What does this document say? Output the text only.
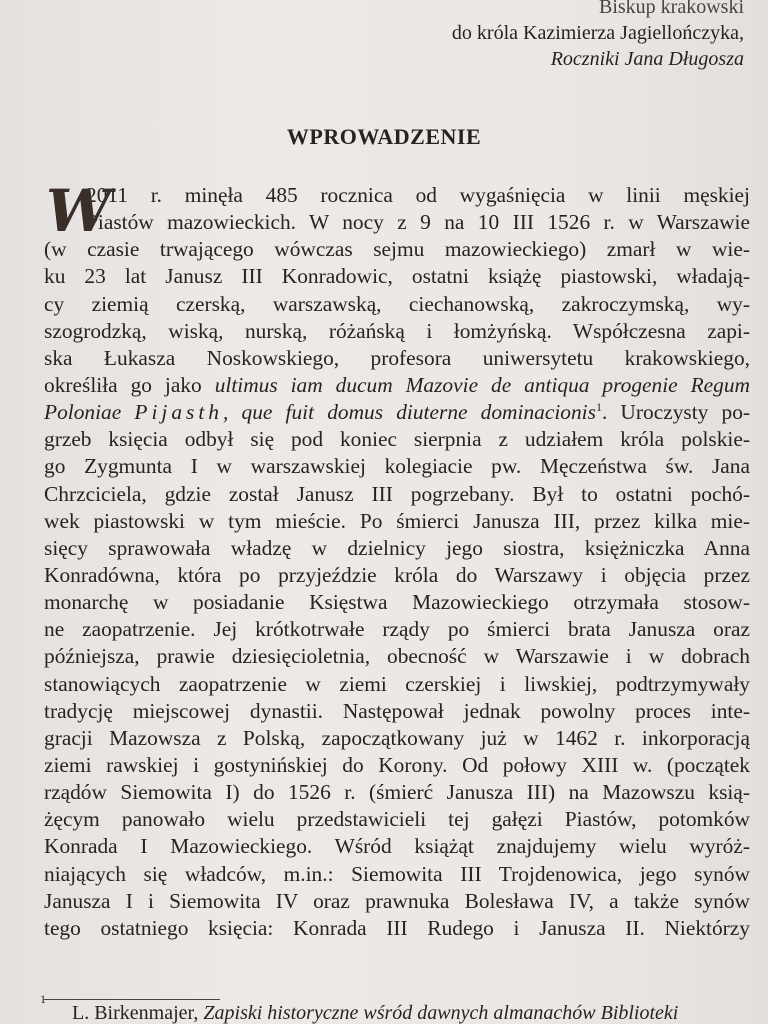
Biskup krakowski
do króla Kazimierza Jagiellończyka,
Roczniki Jana Długosza
WPROWADZENIE
W
2011 r. minęła 485 rocznica od wygaśnięcia w linii męskiej
Piastów mazowieckich. W nocy z 9 na 10 III 1526 r. w Warszawie
(w czasie trwającego wówczas sejmu mazowieckiego) zmarł w wie-
ku 23 lat Janusz III Konradowic, ostatni książę piastowski, władają-
cy ziemią czerską, warszawską, ciechanowską, zakroczymską, wy-
szogrodzką, wiską, nurską, różańską i łomżyńską. Współczesna zapi-
ska Łukasza Noskowskiego, profesora uniwersytetu krakowskiego,
określiła go jako ultimus iam ducum Mazovie de antiqua progenie Regum
Poloniae Pijasth, que fuit domus diuterne dominacionis$^1$. Uroczysty po-
grzeb księcia odbył się pod koniec sierpnia z udziałem króla polskie-
go Zygmunta I w warszawskiej kolegiacie pw. Męczeństwa św. Jana
Chrzciciela, gdzie został Janusz III pogrzebany. Był to ostatni pochó-
wek piastowski w tym mieście. Po śmierci Janusza III, przez kilka mie-
sięcy sprawowała władzę w dzielnicy jego siostra, księżniczka Anna
Konradówna, która po przyjeździe króla do Warszawy i objęcia przez
monarchę w posiadanie Księstwa Mazowieckiego otrzymała stosow-
ne zaopatrzenie. Jej krótkotrwałe rządy po śmierci brata Janusza oraz
późniejsza, prawie dziesięcioletnia, obecność w Warszawie i w dobrach
stanowiących zaopatrzenie w ziemi czerskiej i liwskiej, podtrzymywały
tradycję miejscowej dynastii. Następował jednak powolny proces inte-
gracji Mazowsza z Polską, zapoczątkowany już w 1462 r. inkorporacją
ziemi rawskiej i gostynińskiej do Korony. Od połowy XIII w. (początek
rządów Siemowita I) do 1526 r. (śmierć Janusza III) na Mazowszu ksią-
żęcym panowało wielu przedstawicieli tej gałęzi Piastów, potomków
Konrada I Mazowieckiego. Wśród książąt znajdujemy wielu wyróż-
niających się władców, m.in.: Siemowita III Trojdenowica, jego synów
Janusza I i Siemowita IV oraz prawnuka Bolesława IV, a także synów
tego ostatniego księcia: Konrada III Rudego i Janusza II. Niektórzy
1
L. Birkenmajer, Zapiski historyczne wśród dawnych almanachów Biblioteki
